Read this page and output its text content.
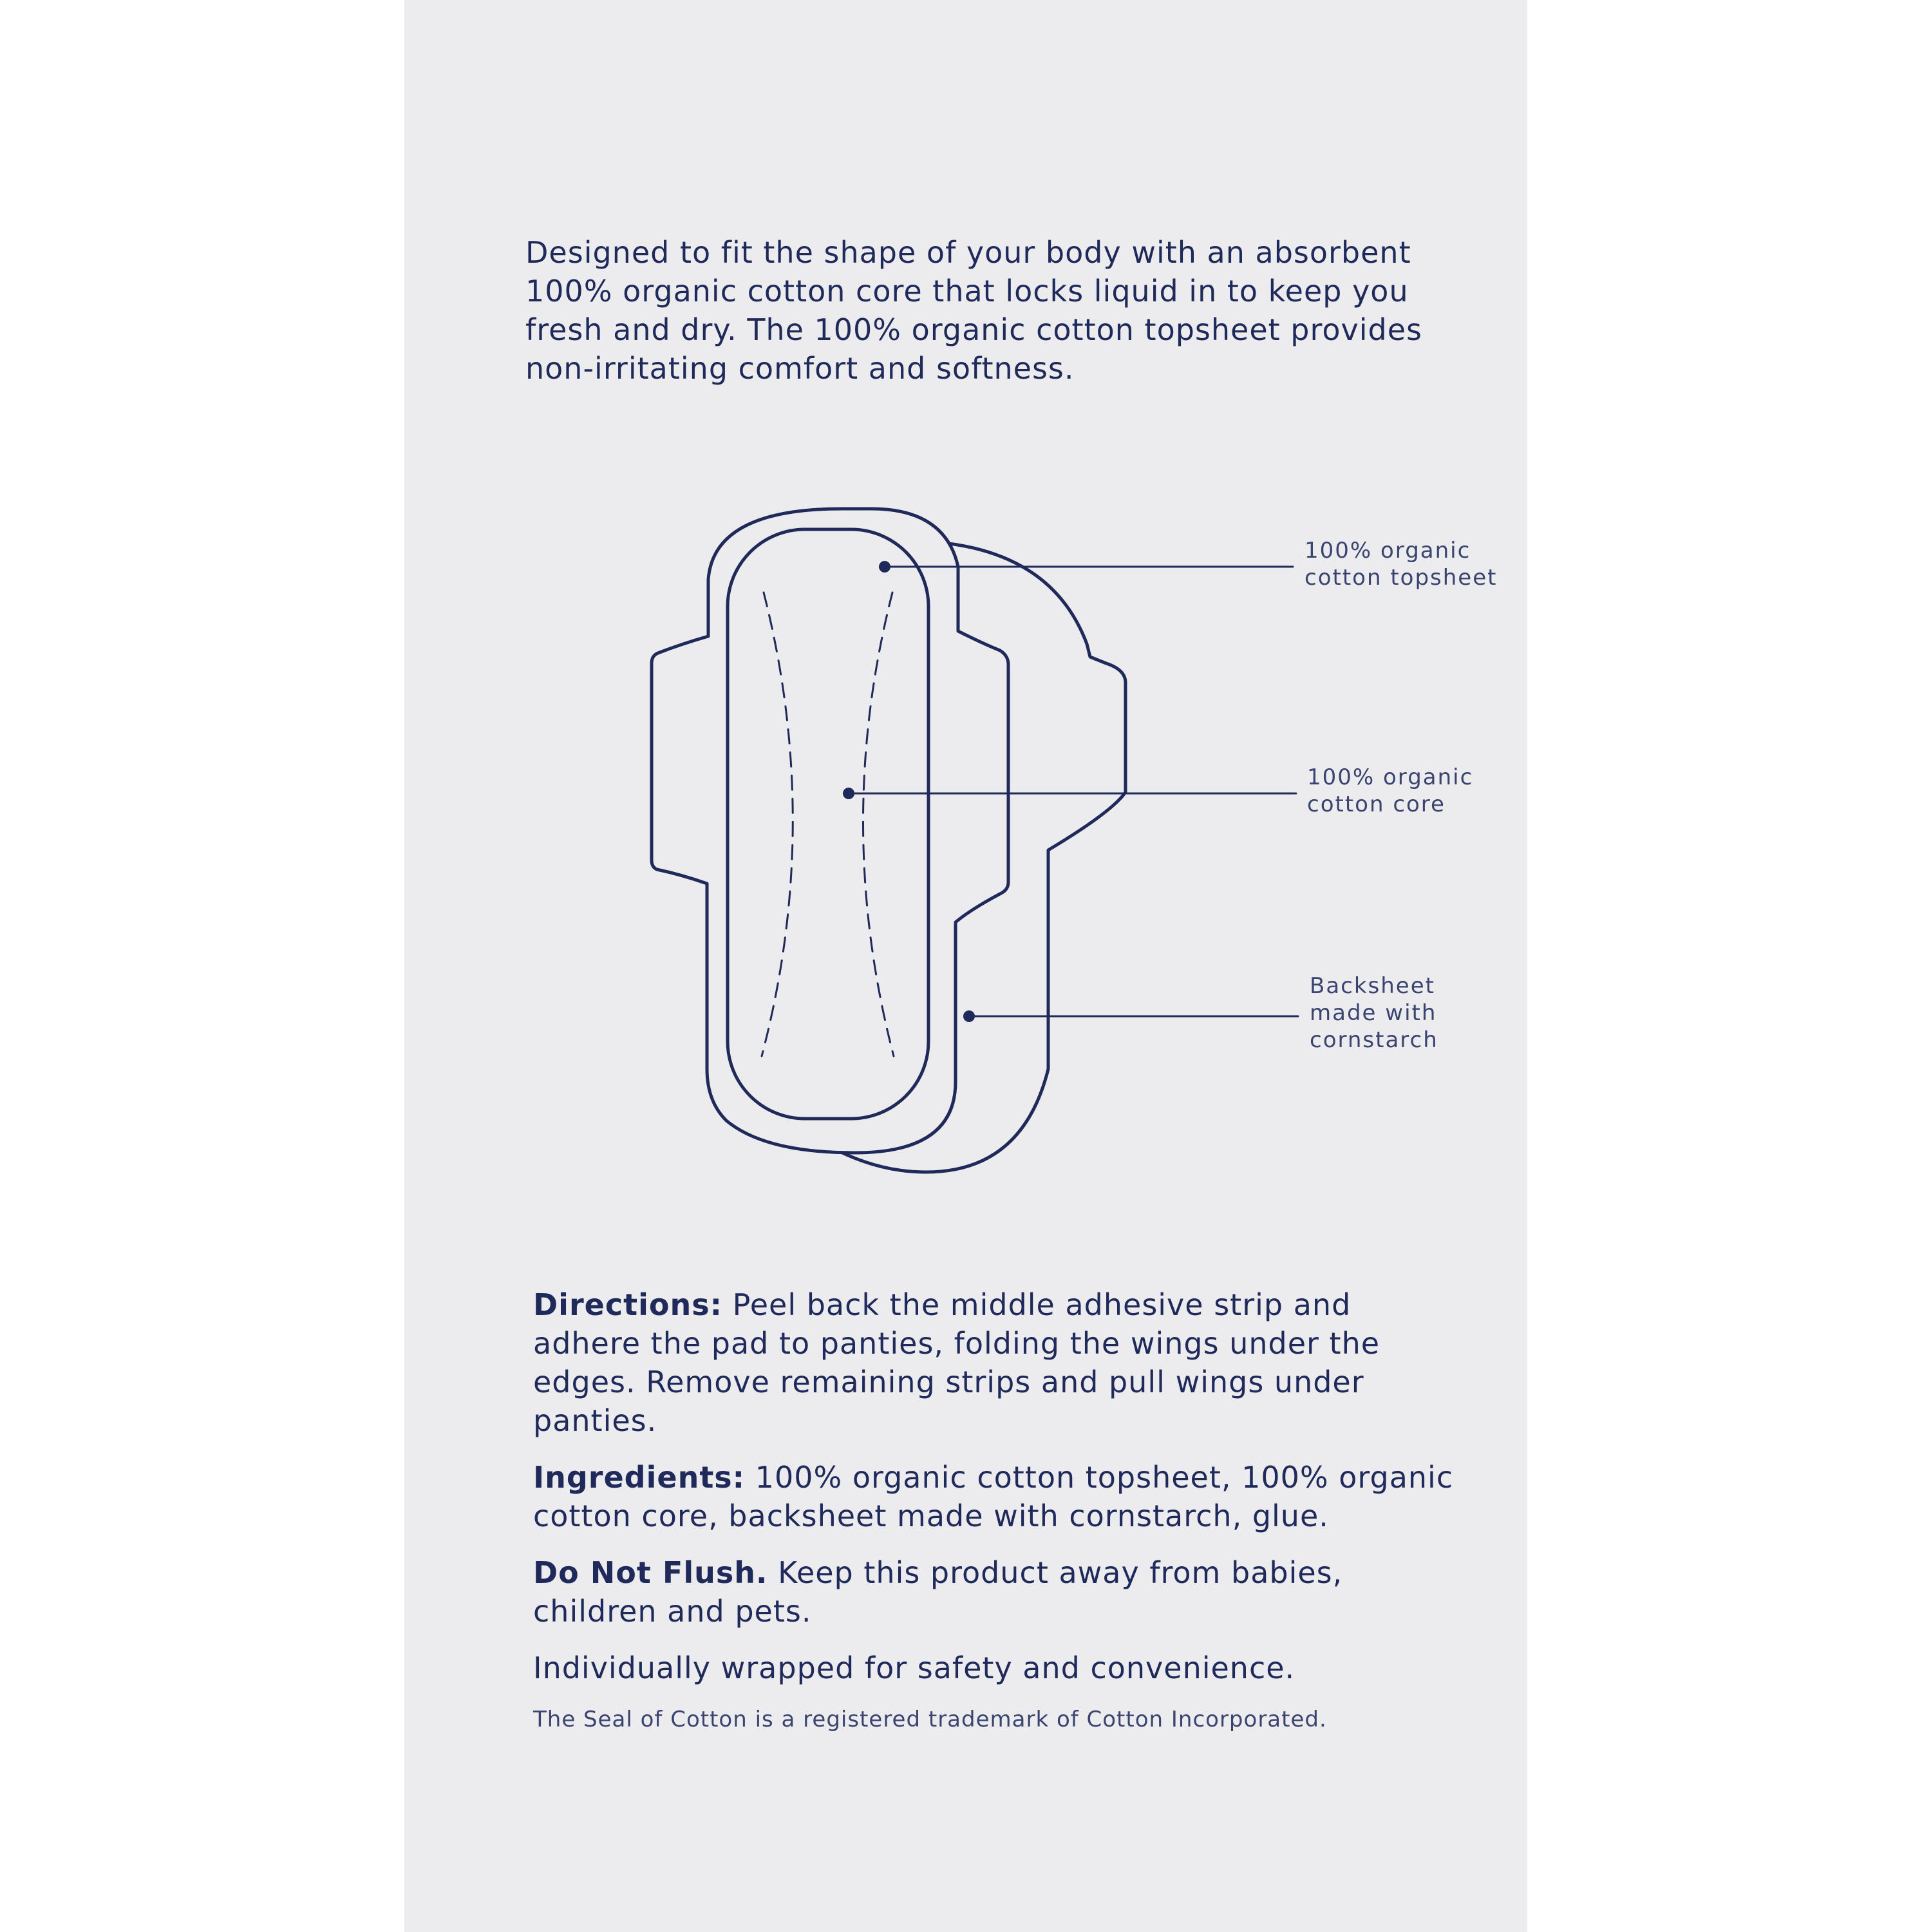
Designed to fit the shape of your body with an absorbent 100% organic cotton core that locks liquid in to keep you fresh and dry. The 100% organic cotton topsheet provides non-irritating comfort and softness.

100% organic
cotton topsheet
100% organic
cotton core
Backsheet
made with
cornstarch

Directions: Peel back the middle adhesive strip and adhere the pad to panties, folding the wings under the edges. Remove remaining strips and pull wings under panties.

Ingredients: 100% organic cotton topsheet, 100% organic cotton core, backsheet made with cornstarch, glue.

Do Not Flush. Keep this product away from babies, children and pets.

Individually wrapped for safety and convenience.

The Seal of Cotton is a registered trademark of Cotton Incorporated.
